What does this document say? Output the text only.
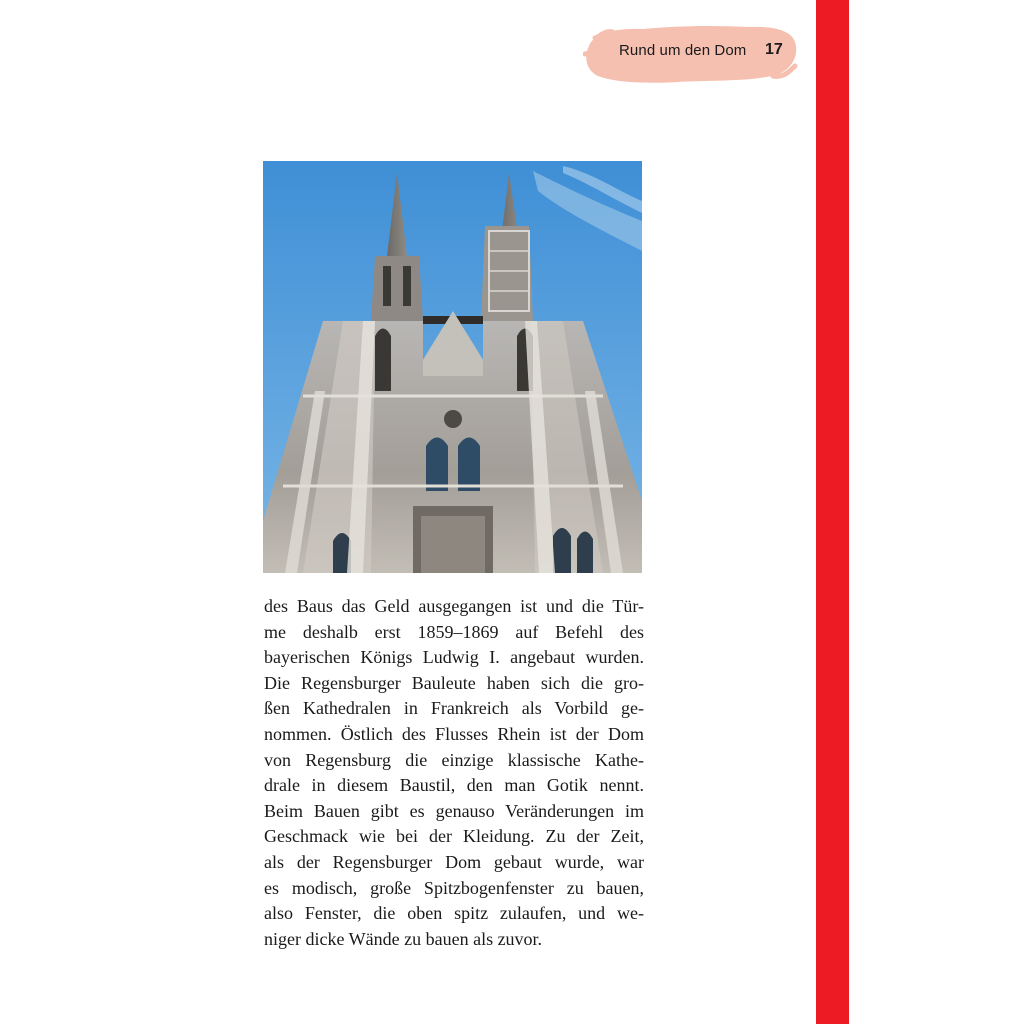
Rund um den Dom 17
des Baus das Geld ausgegangen ist und die Tür-
me deshalb erst 1859–1869 auf Befehl des
bayerischen Königs Ludwig I. angebaut wurden.
Die Regensburger Bauleute haben sich die gro-
ßen Kathedralen in Frankreich als Vorbild ge-
nommen. Östlich des Flusses Rhein ist der Dom
von Regensburg die einzige klassische Kathe-
drale in diesem Baustil, den man Gotik nennt.
Beim Bauen gibt es genauso Veränderungen im
Geschmack wie bei der Kleidung. Zu der Zeit,
als der Regensburger Dom gebaut wurde, war
es modisch, große Spitzbogenfenster zu bauen,
also Fenster, die oben spitz zulaufen, und we-
niger dicke Wände zu bauen als zuvor.
